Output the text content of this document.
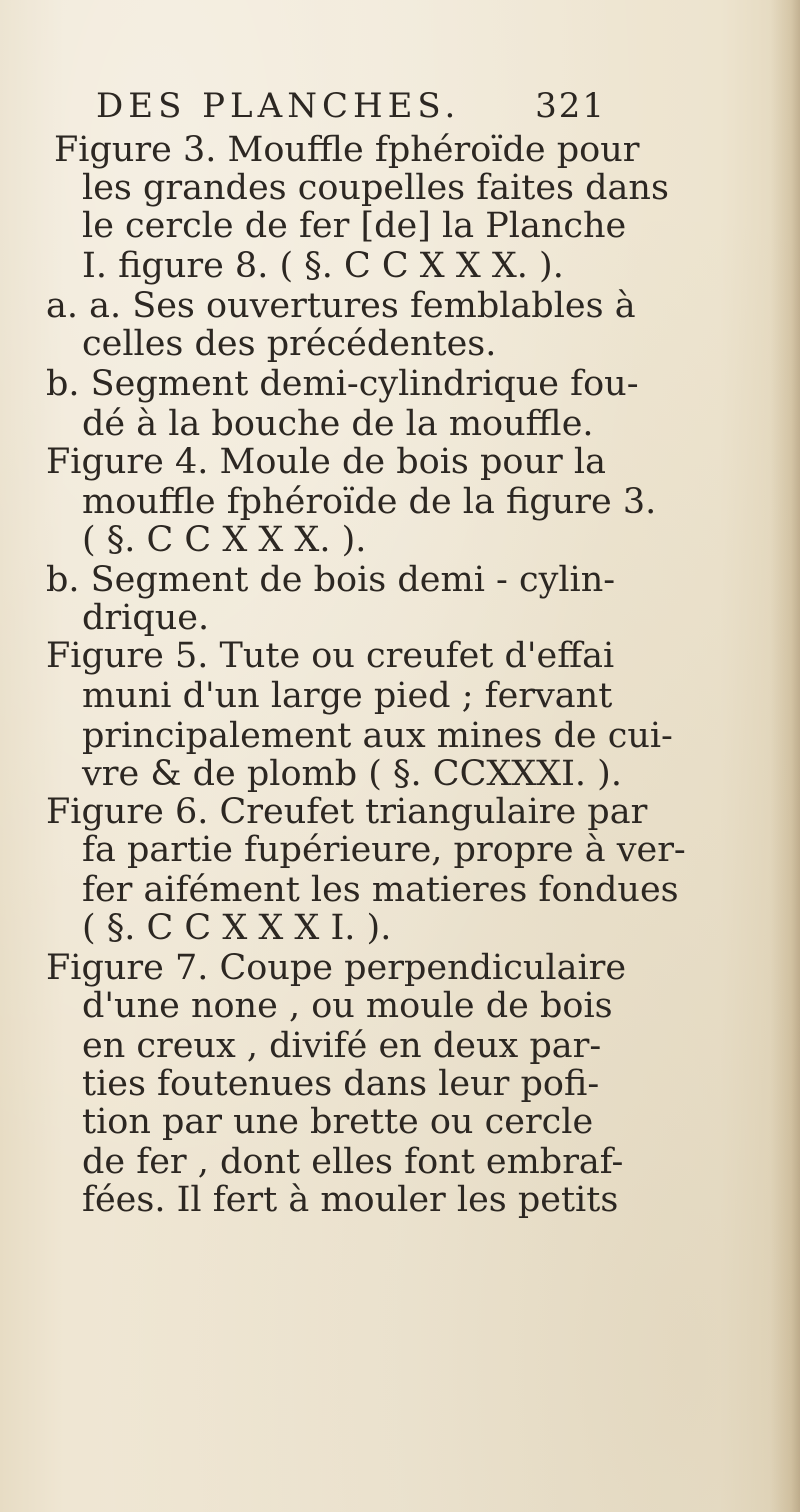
DES PLANCHES. 321
Figure 3. Mouffle fphéroïde pour
les grandes coupelles faites dans
le cercle de fer [de] la Planche
I. figure 8. ( §. C C X X X. ).
a. a. Ses ouvertures femblables à
celles des précédentes.
b. Segment demi-cylindrique fou-
dé à la bouche de la mouffle.
Figure 4. Moule de bois pour la
mouffle fphéroïde de la figure 3.
( §. C C X X X. ).
b. Segment de bois demi - cylin-
drique.
Figure 5. Tute ou creufet d'effai
muni d'un large pied ; fervant
principalement aux mines de cui-
vre & de plomb ( §. CCXXXI. ).
Figure 6. Creufet triangulaire par
fa partie fupérieure, propre à ver-
fer aifément les matieres fondues
( §. C C X X X I. ).
Figure 7. Coupe perpendiculaire
d'une none , ou moule de bois
en creux , divifé en deux par-
ties foutenues dans leur pofi-
tion par une brette ou cercle
de fer , dont elles font embraf-
fées. Il fert à mouler les petits
